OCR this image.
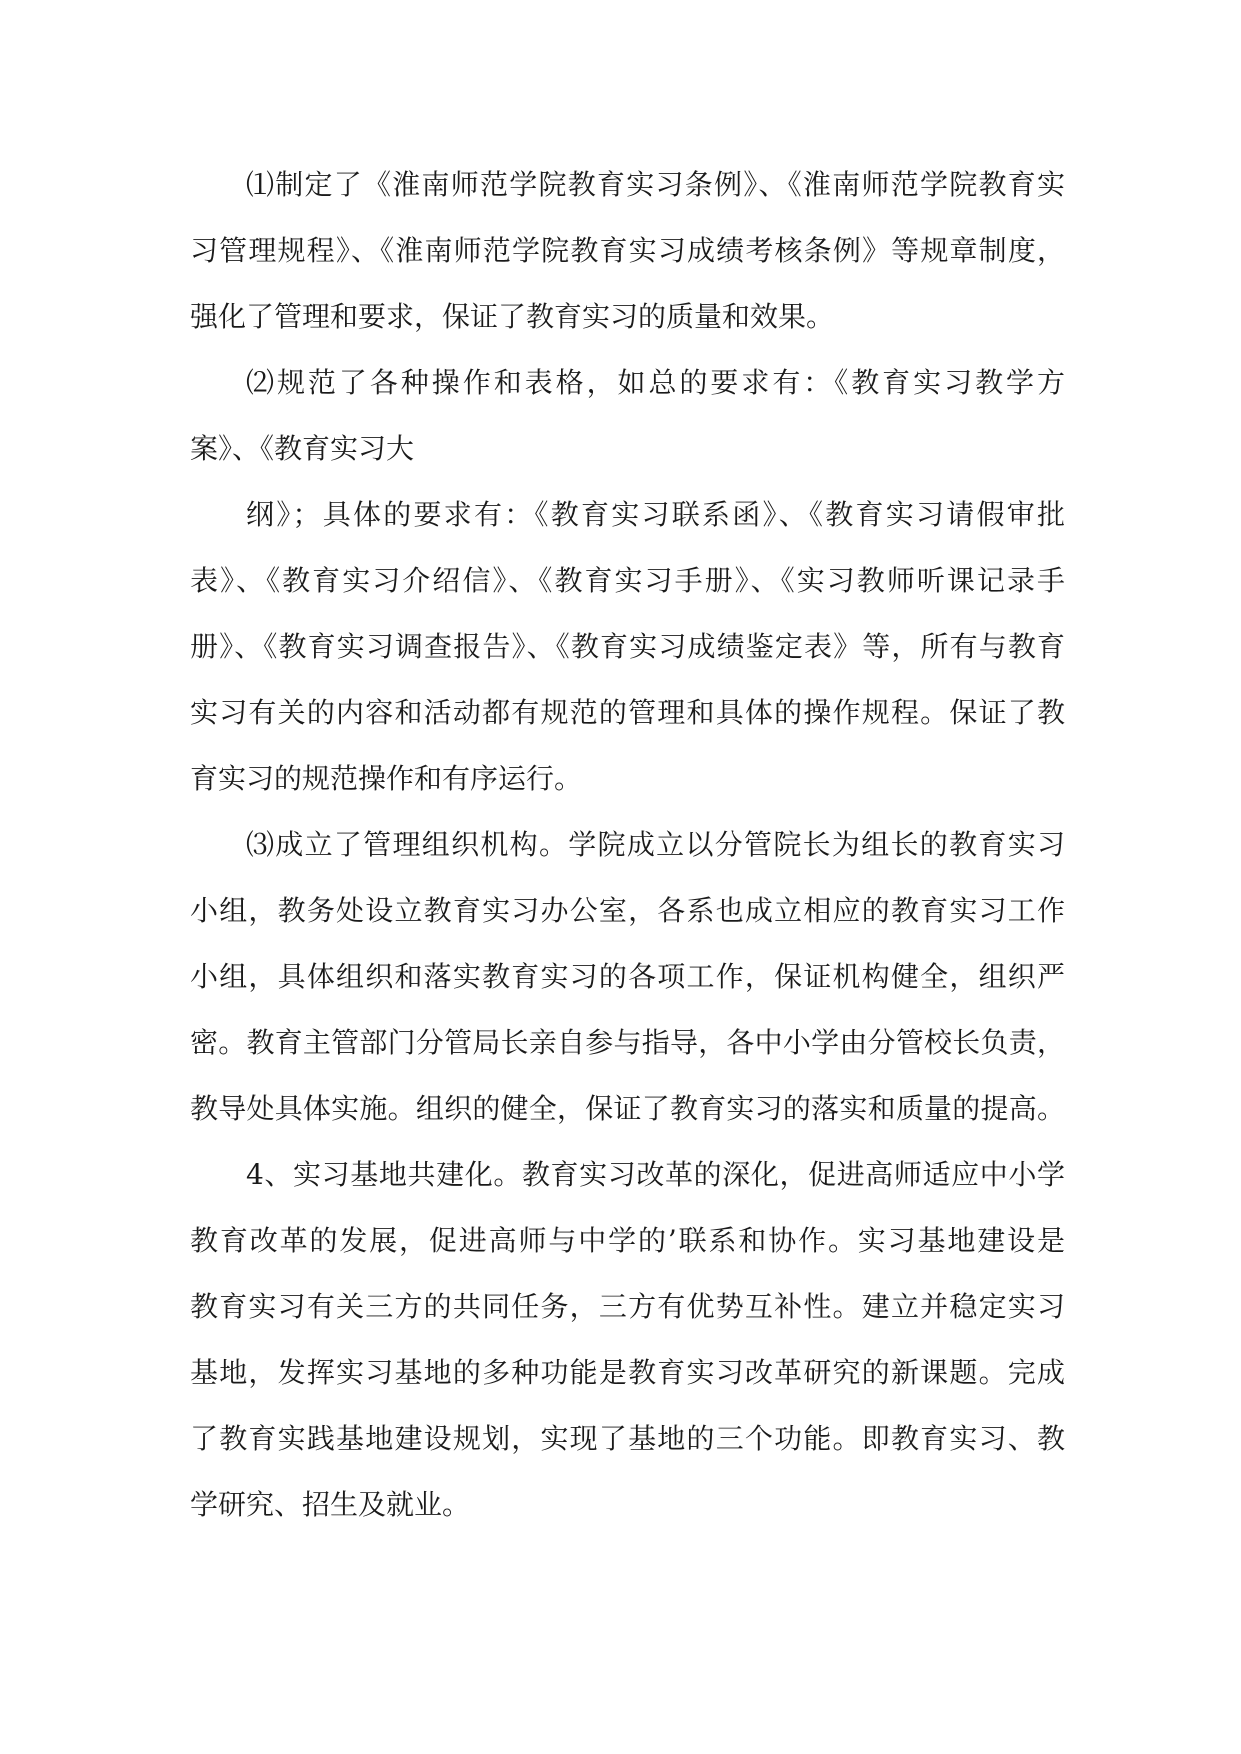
⑴制定了《淮南师范学院教育实习条例》、《淮南师范学院教育实
习管理规程》、《淮南师范学院教育实习成绩考核条例》等规章制度，
强化了管理和要求，保证了教育实习的质量和效果。
⑵规范了各种操作和表格，如总的要求有：《教育实习教学方
案》、《教育实习大
纲》；具体的要求有：《教育实习联系函》、《教育实习请假审批
表》、《教育实习介绍信》、《教育实习手册》、《实习教师听课记录手
册》、《教育实习调查报告》、《教育实习成绩鉴定表》等，所有与教育
实习有关的内容和活动都有规范的管理和具体的操作规程。保证了教
育实习的规范操作和有序运行。
⑶成立了管理组织机构。学院成立以分管院长为组长的教育实习
小组，教务处设立教育实习办公室，各系也成立相应的教育实习工作
小组，具体组织和落实教育实习的各项工作，保证机构健全，组织严
密。教育主管部门分管局长亲自参与指导，各中小学由分管校长负责，
教导处具体实施。组织的健全，保证了教育实习的落实和质量的提高。
4、实习基地共建化。教育实习改革的深化，促进高师适应中小学
教育改革的发展，促进高师与中学的’联系和协作。实习基地建设是
教育实习有关三方的共同任务，三方有优势互补性。建立并稳定实习
基地，发挥实习基地的多种功能是教育实习改革研究的新课题。完成
了教育实践基地建设规划，实现了基地的三个功能。即教育实习、教
学研究、招生及就业。
